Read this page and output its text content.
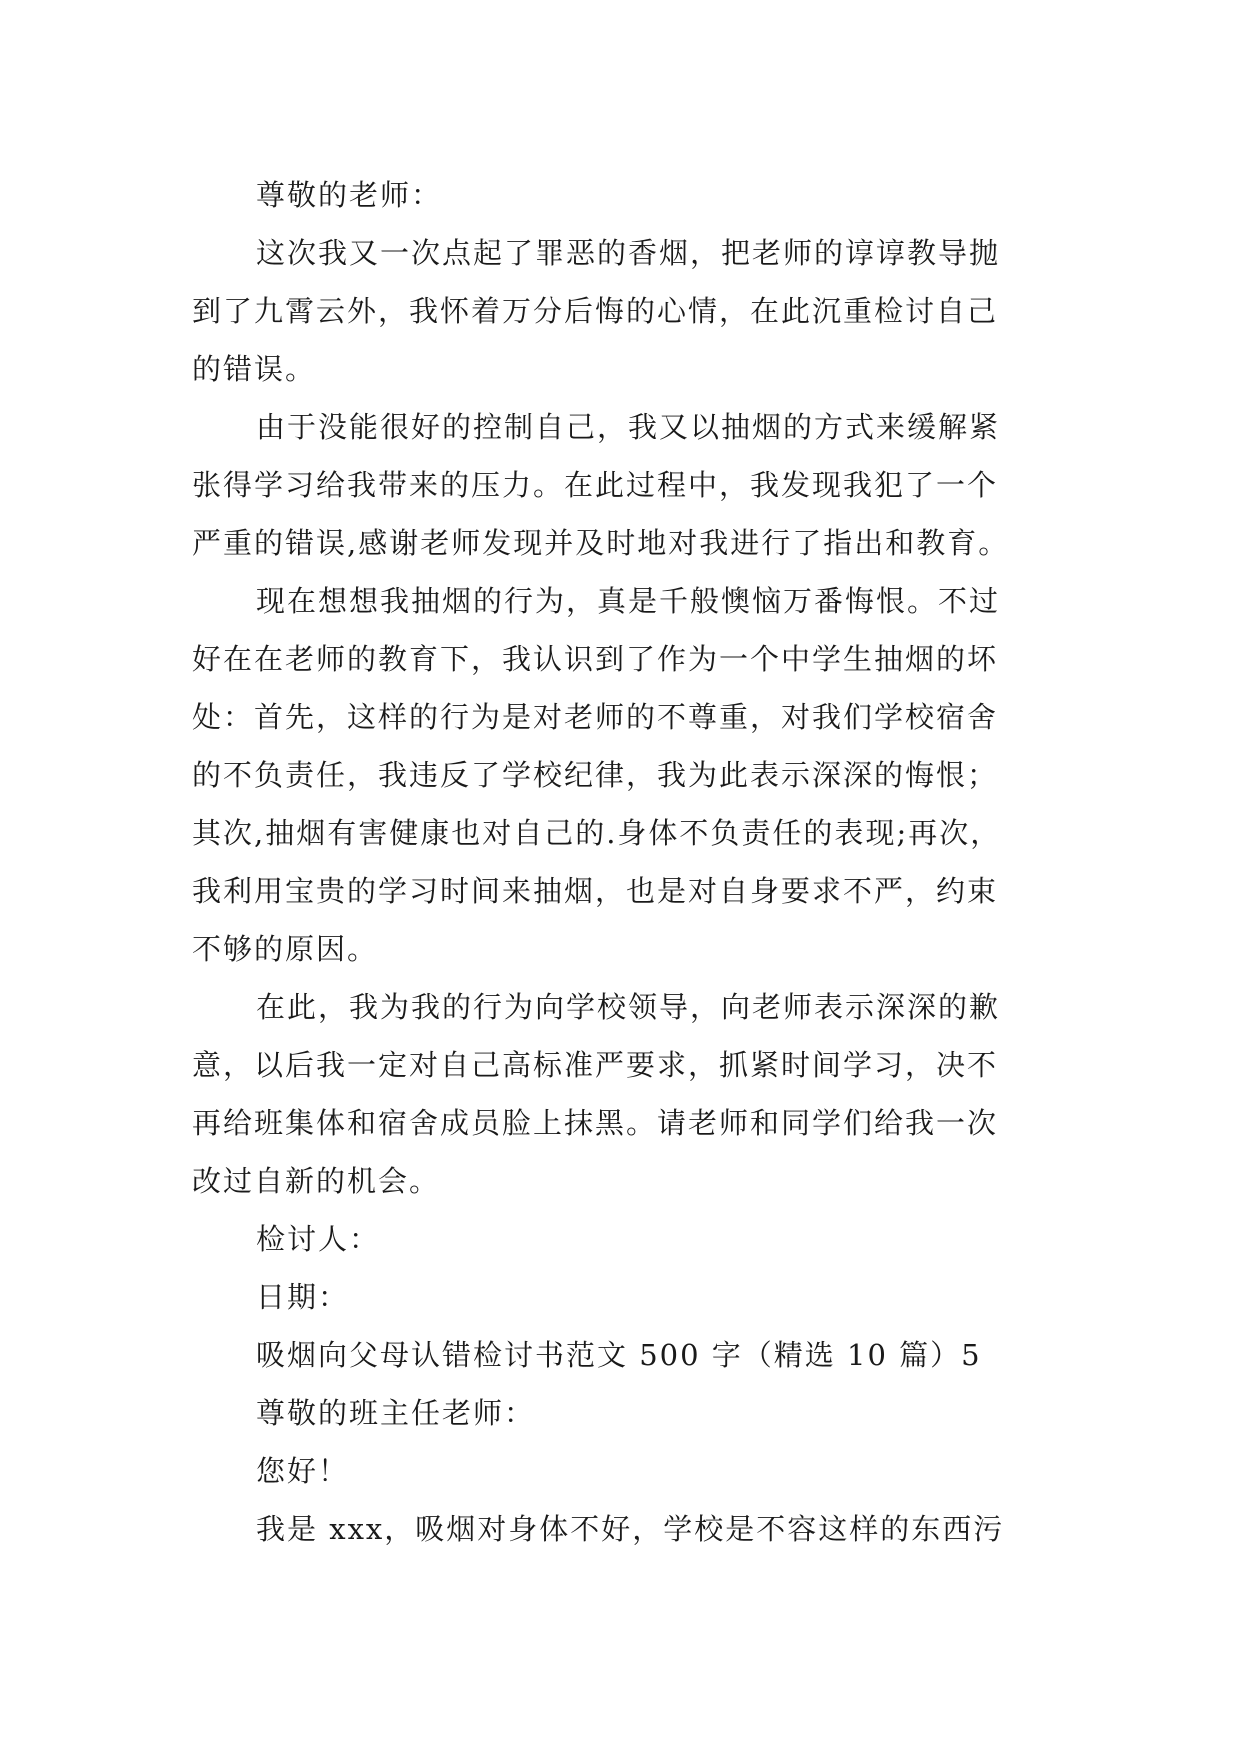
尊敬的老师：
这次我又一次点起了罪恶的香烟，把老师的谆谆教导抛
到了九霄云外，我怀着万分后悔的心情，在此沉重检讨自己
的错误。
由于没能很好的控制自己，我又以抽烟的方式来缓解紧
张得学习给我带来的压力。在此过程中，我发现我犯了一个
严重的错误,感谢老师发现并及时地对我进行了指出和教育。
现在想想我抽烟的行为，真是千般懊恼万番悔恨。不过
好在在老师的教育下，我认识到了作为一个中学生抽烟的坏
处：首先，这样的行为是对老师的不尊重，对我们学校宿舍
的不负责任，我违反了学校纪律，我为此表示深深的悔恨；
其次,抽烟有害健康也对自己的.身体不负责任的表现;再次，
我利用宝贵的学习时间来抽烟，也是对自身要求不严，约束
不够的原因。
在此，我为我的行为向学校领导，向老师表示深深的歉
意，以后我一定对自己高标准严要求，抓紧时间学习，决不
再给班集体和宿舍成员脸上抹黑。请老师和同学们给我一次
改过自新的机会。
检讨人：
日期：
吸烟向父母认错检讨书范文 500 字（精选 10 篇）5
尊敬的班主任老师：
您好！
我是 xxx，吸烟对身体不好，学校是不容这样的东西污
